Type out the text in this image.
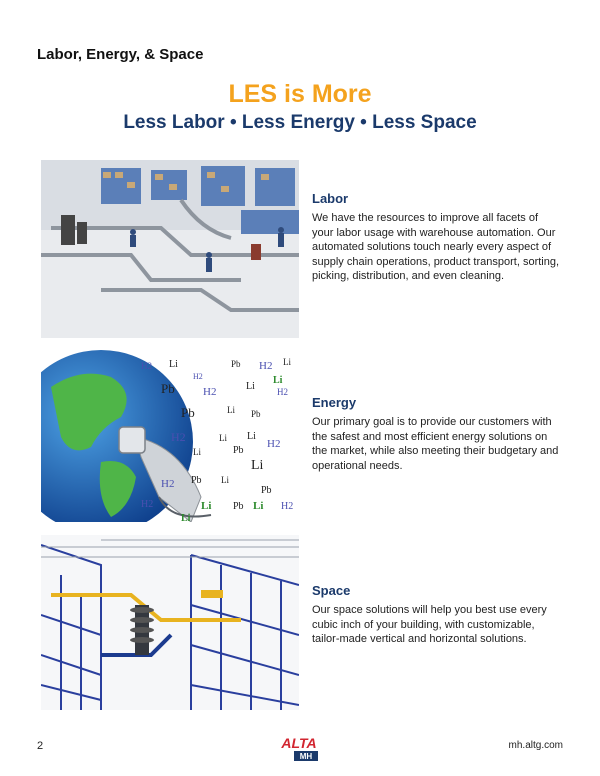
Labor, Energy, & Space
LES is More
Less Labor • Less Energy • Less Space
Labor

We have the resources to improve all facets of your labor usage with warehouse automation. Our automated solutions touch nearly every aspect of supply chain operations, product transport, sorting, picking, distribution, and even cleaning.

H2 Li
H2
Pb H2 Li
Li
Pb	H2	Li H2
Li
Pb	Pb
H2	Li Li
H2
Li	Pb
Li
H2 Pb Li
Pb
H2	Li Pb Li H2
Li
Energy

Our primary goal is to provide our customers with the safest and most efficient energy solutions on the market, while also meeting their budgetary and operational needs.

Space

Our space solutions will help you best use every cubic inch of your building, with customizable, tailor-made vertical and horizontal solutions.

2	ALTA
MH
mh.altg.com
